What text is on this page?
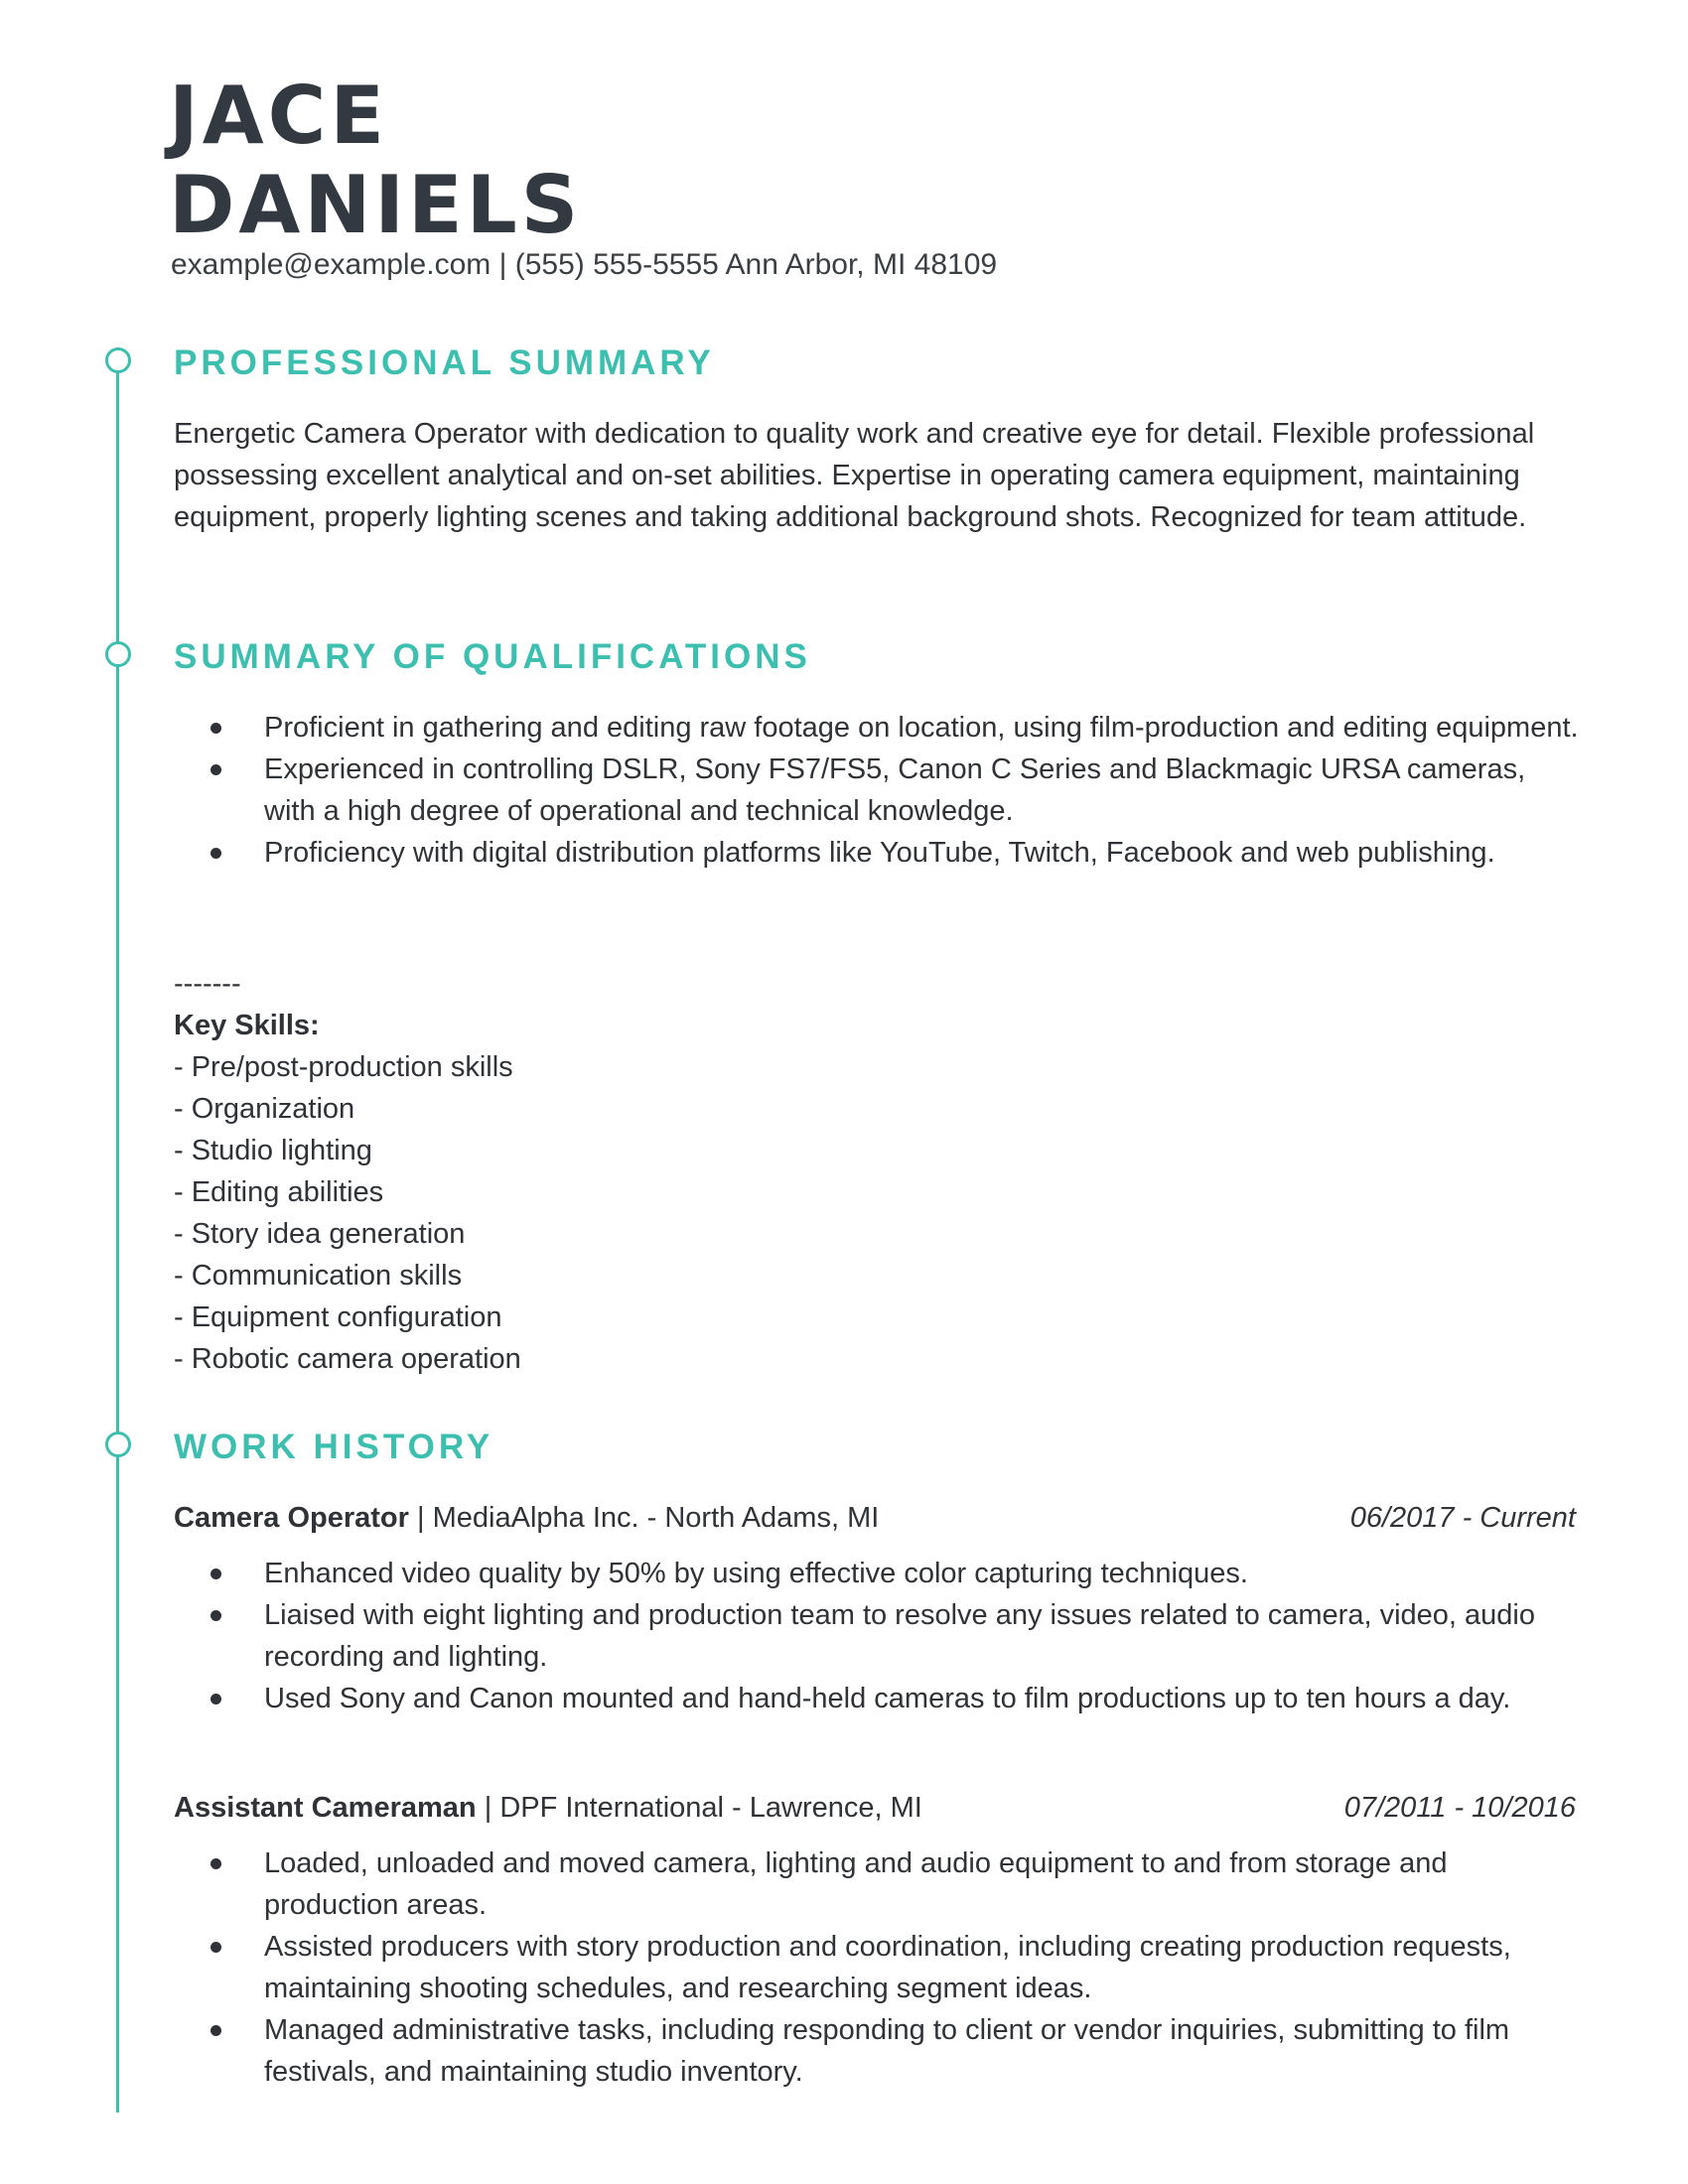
JACE
DANIELS
example@example.com | (555) 555-5555 Ann Arbor, MI 48109
PROFESSIONAL SUMMARY

Energetic Camera Operator with dedication to quality work and creative eye for detail. Flexible professional possessing excellent analytical and on-set abilities. Expertise in operating camera equipment, maintaining equipment, properly lighting scenes and taking additional background shots. Recognized for team attitude.

SUMMARY OF QUALIFICATIONS
Proficient in gathering and editing raw footage on location, using film-production and editing equipment.
Experienced in controlling DSLR, Sony FS7/FS5, Canon C Series and Blackmagic URSA cameras, with a high degree of operational and technical knowledge.
Proficiency with digital distribution platforms like YouTube, Twitch, Facebook and web publishing.
-------
Key Skills:
- Pre/post-production skills
- Organization
- Studio lighting
- Editing abilities
- Story idea generation
- Communication skills
- Equipment configuration
- Robotic camera operation
WORK HISTORY
Camera Operator | MediaAlpha Inc. - North Adams, MI	06/2017 - Current
Enhanced video quality by 50% by using effective color capturing techniques.
Liaised with eight lighting and production team to resolve any issues related to camera, video, audio recording and lighting.
Used Sony and Canon mounted and hand-held cameras to film productions up to ten hours a day.
Assistant Cameraman | DPF International - Lawrence, MI	07/2011 - 10/2016
Loaded, unloaded and moved camera, lighting and audio equipment to and from storage and production areas.
Assisted producers with story production and coordination, including creating production requests, maintaining shooting schedules, and researching segment ideas.
Managed administrative tasks, including responding to client or vendor inquiries, submitting to film festivals, and maintaining studio inventory.
